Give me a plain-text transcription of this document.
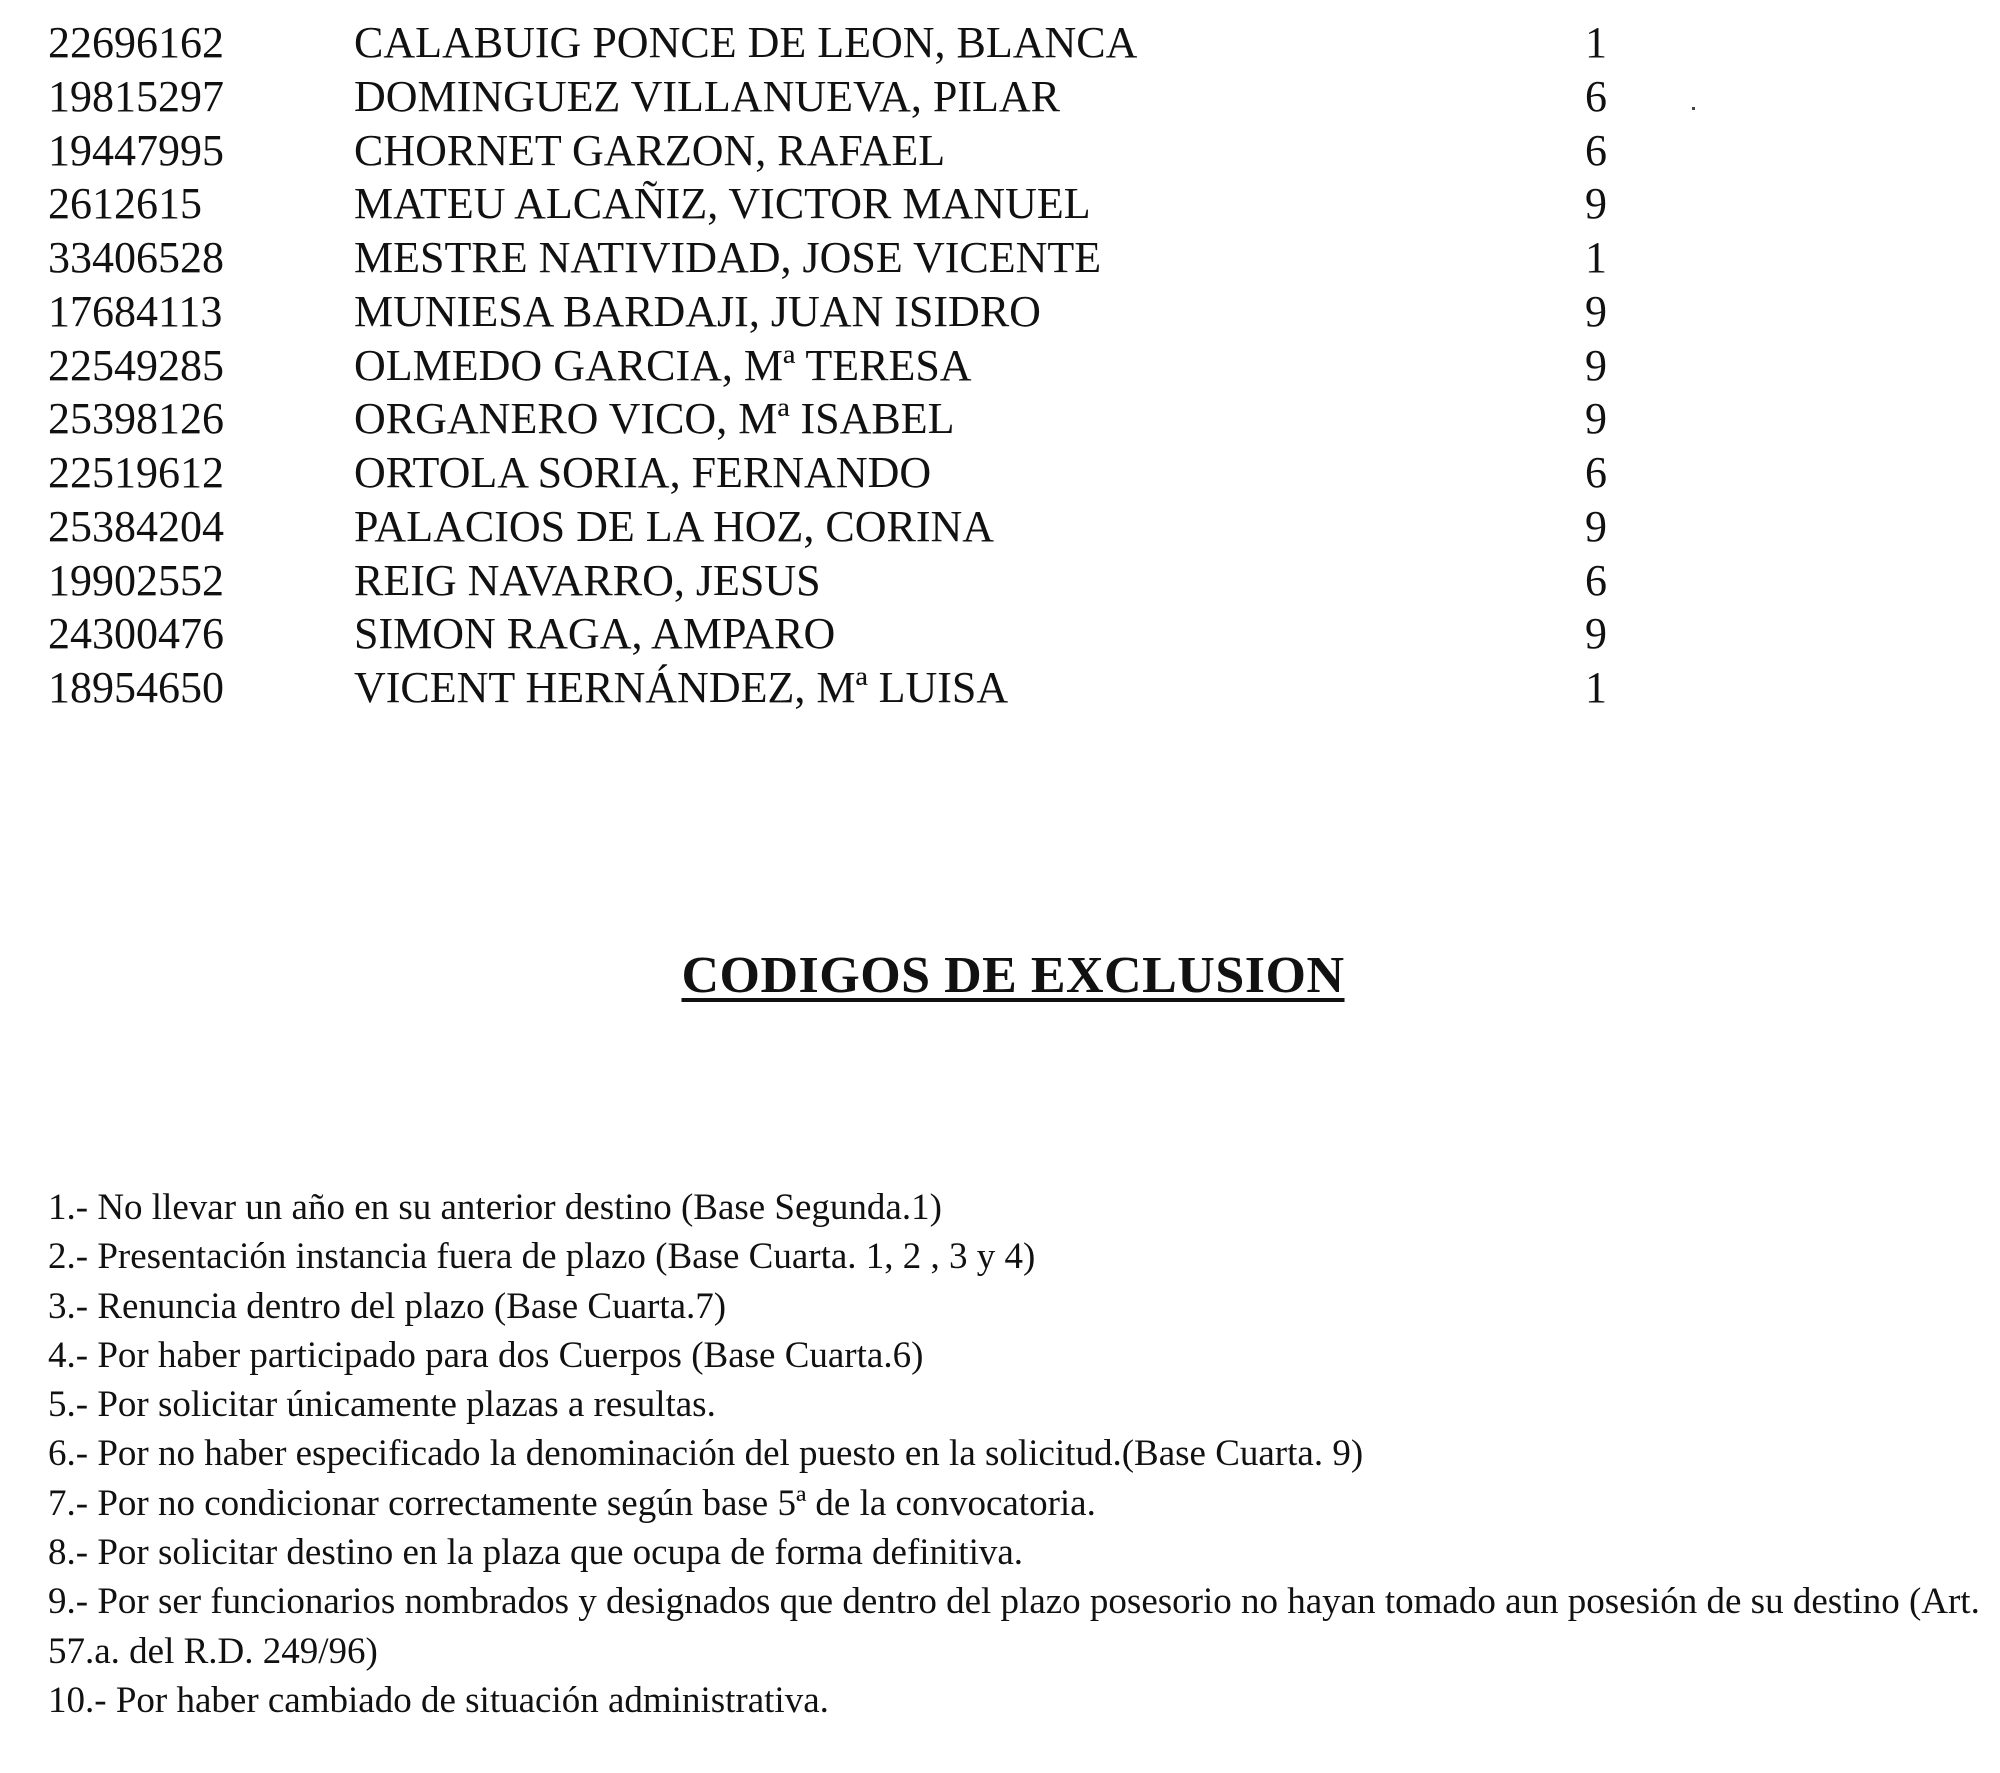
22696162	CALABUIG PONCE DE LEON, BLANCA	1
19815297	DOMINGUEZ VILLANUEVA, PILAR	6
19447995	CHORNET GARZON, RAFAEL	6
2612615	MATEU ALCAÑIZ, VICTOR MANUEL	9
33406528	MESTRE NATIVIDAD, JOSE VICENTE	1
17684113	MUNIESA BARDAJI, JUAN ISIDRO	9
22549285	OLMEDO GARCIA, Mª TERESA	9
25398126	ORGANERO VICO, Mª ISABEL	9
22519612	ORTOLA SORIA, FERNANDO	6
25384204	PALACIOS DE LA HOZ, CORINA	9
19902552	REIG NAVARRO, JESUS	6
24300476	SIMON RAGA, AMPARO	9
18954650	VICENT HERNÁNDEZ, Mª LUISA	1
CODIGOS DE EXCLUSION
1.- No llevar un año en su anterior destino (Base Segunda.1)
2.- Presentación instancia fuera de plazo (Base Cuarta. 1, 2 , 3 y 4)
3.- Renuncia dentro del plazo (Base Cuarta.7)
4.- Por haber participado para dos Cuerpos (Base Cuarta.6)
5.- Por solicitar únicamente plazas a resultas.
6.- Por no haber especificado la denominación del puesto en la solicitud.(Base Cuarta. 9)
7.- Por no condicionar correctamente según base 5ª de la convocatoria.
8.- Por solicitar destino en la plaza que ocupa de forma definitiva.
9.- Por ser funcionarios nombrados y designados que dentro del plazo posesorio no hayan tomado aun posesión de su destino (Art. 57.a. del R.D. 249/96)
10.- Por haber cambiado de situación administrativa.
